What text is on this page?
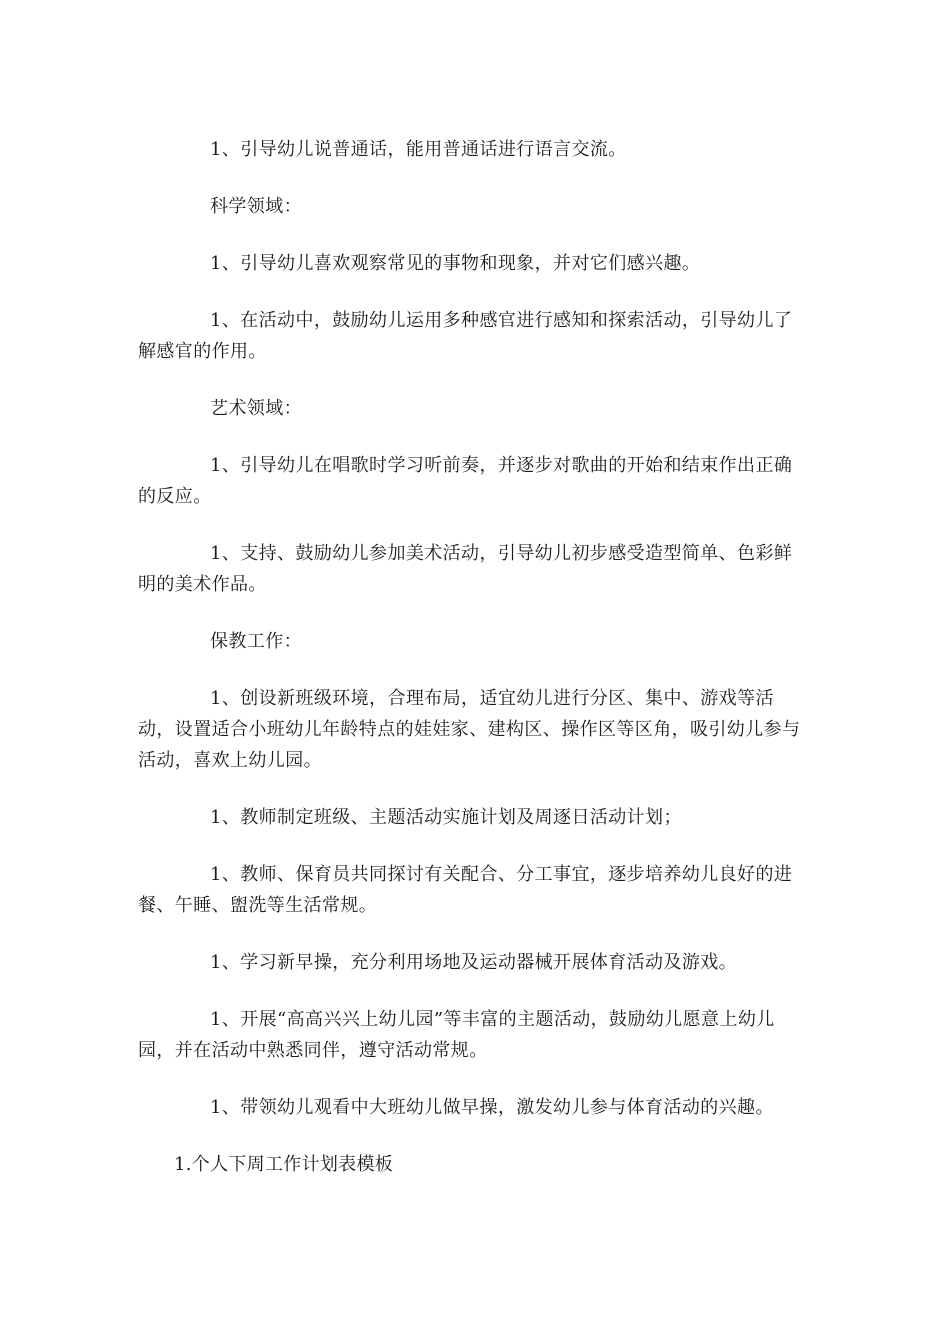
1、引导幼儿说普通话，能用普通话进行语言交流。

科学领域：

1、引导幼儿喜欢观察常见的事物和现象，并对它们感兴趣。

1、在活动中，鼓励幼儿运用多种感官进行感知和探索活动，引导幼儿了解感官的作用。

艺术领域：

1、引导幼儿在唱歌时学习听前奏，并逐步对歌曲的开始和结束作出正确的反应。

1、支持、鼓励幼儿参加美术活动，引导幼儿初步感受造型简单、色彩鲜明的美术作品。

保教工作：

1、创设新班级环境，合理布局，适宜幼儿进行分区、集中、游戏等活动，设置适合小班幼儿年龄特点的娃娃家、建构区、操作区等区角，吸引幼儿参与活动，喜欢上幼儿园。

1、教师制定班级、主题活动实施计划及周逐日活动计划；

1、教师、保育员共同探讨有关配合、分工事宜，逐步培养幼儿良好的进餐、午睡、盥洗等生活常规。

1、学习新早操，充分利用场地及运动器械开展体育活动及游戏。

1、开展“高高兴兴上幼儿园”等丰富的主题活动，鼓励幼儿愿意上幼儿园，并在活动中熟悉同伴，遵守活动常规。

1、带领幼儿观看中大班幼儿做早操，激发幼儿参与体育活动的兴趣。

1.个人下周工作计划表模板
